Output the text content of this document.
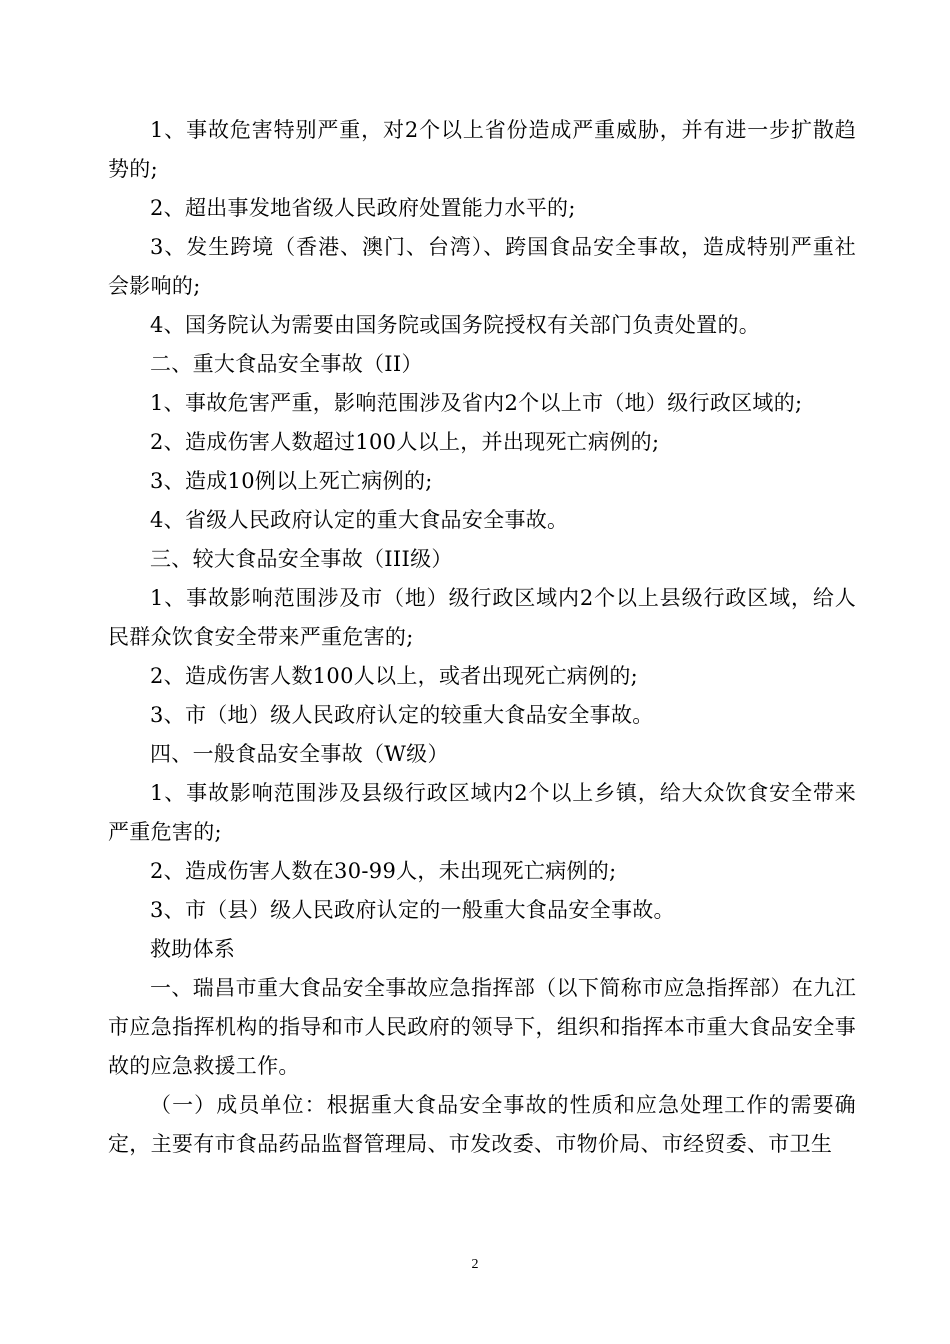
1、事故危害特别严重，对2个以上省份造成严重威胁，并有进一步扩散趋势的;

2、超出事发地省级人民政府处置能力水平的;

3、发生跨境（香港、澳门、台湾）、跨国食品安全事故，造成特别严重社会影响的;

4、国务院认为需要由国务院或国务院授权有关部门负责处置的。

二、重大食品安全事故（II）

1、事故危害严重，影响范围涉及省内2个以上市（地）级行政区域的;

2、造成伤害人数超过100人以上，并出现死亡病例的;

3、造成10例以上死亡病例的;

4、省级人民政府认定的重大食品安全事故。

三、较大食品安全事故（III级）

1、事故影响范围涉及市（地）级行政区域内2个以上县级行政区域，给人民群众饮食安全带来严重危害的;

2、造成伤害人数100人以上，或者出现死亡病例的;

3、市（地）级人民政府认定的较重大食品安全事故。

四、一般食品安全事故（W级）

1、事故影响范围涉及县级行政区域内2个以上乡镇，给大众饮食安全带来严重危害的;

2、造成伤害人数在30-99人，未出现死亡病例的;

3、市（县）级人民政府认定的一般重大食品安全事故。

救助体系

一、瑞昌市重大食品安全事故应急指挥部（以下简称市应急指挥部）在九江市应急指挥机构的指导和市人民政府的领导下，组织和指挥本市重大食品安全事故的应急救援工作。

（一）成员单位：根据重大食品安全事故的性质和应急处理工作的需要确定，主要有市食品药品监督管理局、市发改委、市物价局、市经贸委、市卫生

2
